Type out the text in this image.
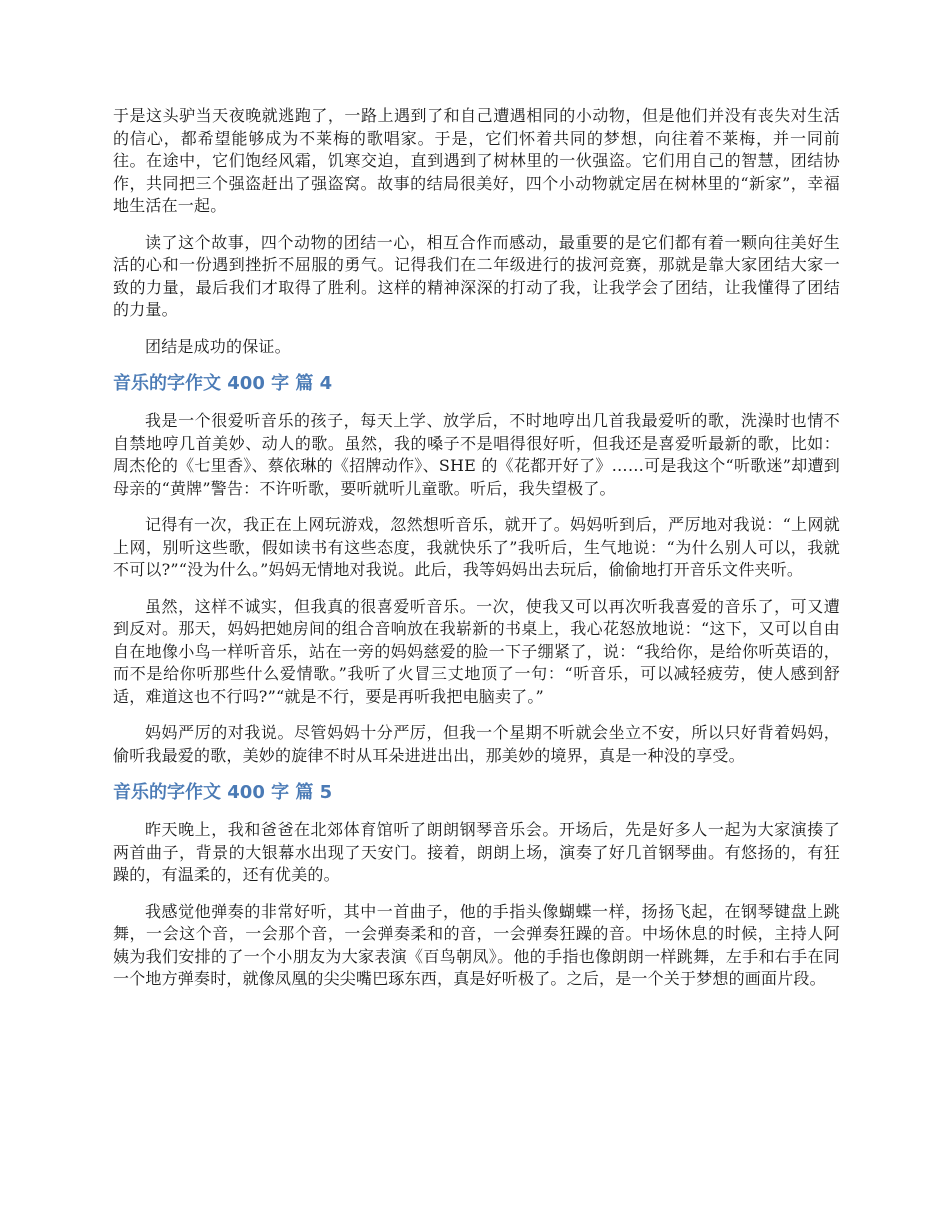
于是这头驴当天夜晚就逃跑了，一路上遇到了和自己遭遇相同的小动物，但是他们并没有丧失对生活的信心，都希望能够成为不莱梅的歌唱家。于是，它们怀着共同的梦想，向往着不莱梅，并一同前往。在途中，它们饱经风霜，饥寒交迫，直到遇到了树林里的一伙强盗。它们用自己的智慧，团结协作，共同把三个强盗赶出了强盗窝。故事的结局很美好，四个小动物就定居在树林里的“新家”，幸福地生活在一起。

读了这个故事，四个动物的团结一心，相互合作而感动，最重要的是它们都有着一颗向往美好生活的心和一份遇到挫折不屈服的勇气。记得我们在二年级进行的拔河竞赛，那就是靠大家团结大家一致的力量，最后我们才取得了胜利。这样的精神深深的打动了我，让我学会了团结，让我懂得了团结的力量。

团结是成功的保证。

音乐的字作文 400 字 篇 4

我是一个很爱听音乐的孩子，每天上学、放学后，不时地哼出几首我最爱听的歌，洗澡时也情不自禁地哼几首美妙、动人的歌。虽然，我的嗓子不是唱得很好听，但我还是喜爱听最新的歌，比如：周杰伦的《七里香》、蔡依琳的《招牌动作》、SHE 的《花都开好了》……可是我这个“听歌迷”却遭到母亲的“黄牌”警告：不许听歌，要听就听儿童歌。听后，我失望极了。

记得有一次，我正在上网玩游戏，忽然想听音乐，就开了。妈妈听到后，严厉地对我说：“上网就上网，别听这些歌，假如读书有这些态度，我就快乐了”我听后，生气地说：“为什么别人可以，我就不可以?”“没为什么。”妈妈无情地对我说。此后，我等妈妈出去玩后，偷偷地打开音乐文件夹听。

虽然，这样不诚实，但我真的很喜爱听音乐。一次，使我又可以再次听我喜爱的音乐了，可又遭到反对。那天，妈妈把她房间的组合音响放在我崭新的书桌上，我心花怒放地说：“这下，又可以自由自在地像小鸟一样听音乐，站在一旁的妈妈慈爱的脸一下子绷紧了，说：“我给你，是给你听英语的，而不是给你听那些什么爱情歌。”我听了火冒三丈地顶了一句：“听音乐，可以减轻疲劳，使人感到舒适，难道这也不行吗?”“就是不行，要是再听我把电脑卖了。”

妈妈严厉的对我说。尽管妈妈十分严厉，但我一个星期不听就会坐立不安，所以只好背着妈妈，偷听我最爱的歌，美妙的旋律不时从耳朵进进出出，那美妙的境界，真是一种没的享受。

音乐的字作文 400 字 篇 5

昨天晚上，我和爸爸在北郊体育馆听了朗朗钢琴音乐会。开场后，先是好多人一起为大家演揍了两首曲子，背景的大银幕水出现了天安门。接着，朗朗上场，演奏了好几首钢琴曲。有悠扬的，有狂躁的，有温柔的，还有优美的。

我感觉他弹奏的非常好听，其中一首曲子，他的手指头像蝴蝶一样，扬扬飞起，在钢琴键盘上跳舞，一会这个音，一会那个音，一会弹奏柔和的音，一会弹奏狂躁的音。中场休息的时候，主持人阿姨为我们安排的了一个小朋友为大家表演《百鸟朝凤》。他的手指也像朗朗一样跳舞，左手和右手在同一个地方弹奏时，就像凤凰的尖尖嘴巴琢东西，真是好听极了。之后，是一个关于梦想的画面片段。
